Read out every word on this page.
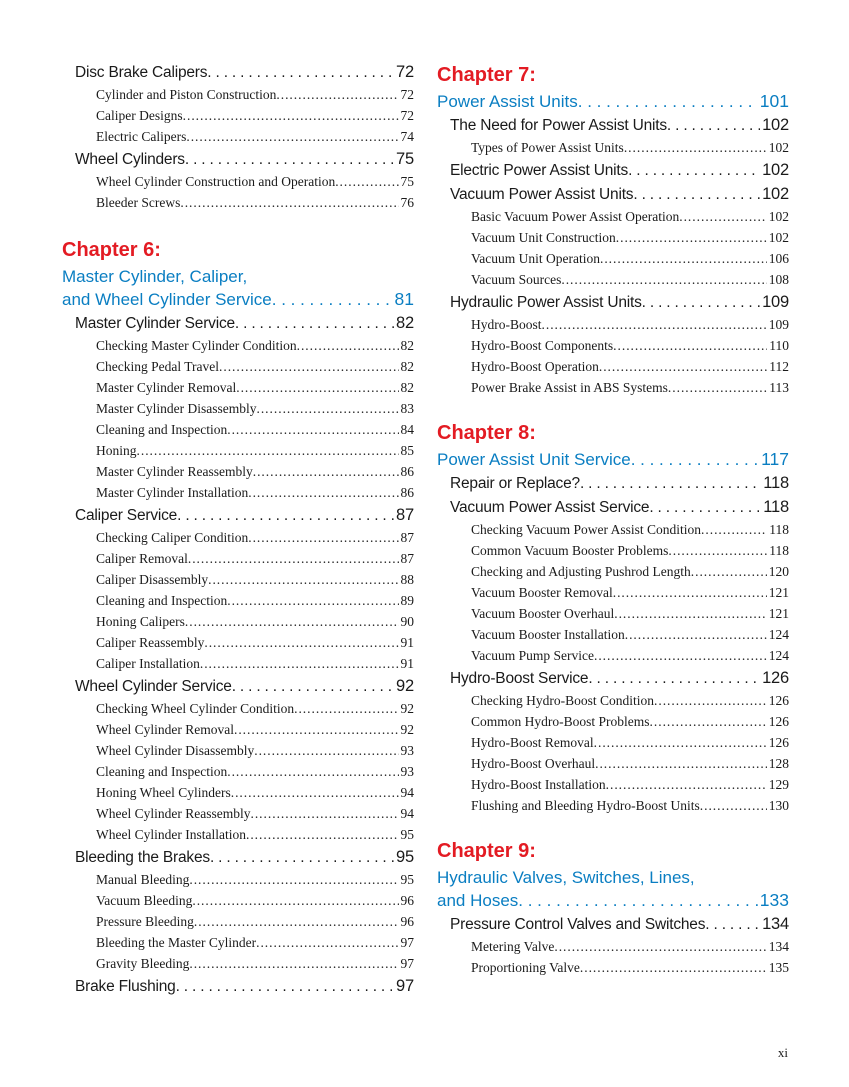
Disc Brake Calipers . . .	72
Cylinder and Piston Construction . . .	72
Caliper Designs . . .	72
Electric Calipers . . .	74
Wheel Cylinders . . .	75
Wheel Cylinder Construction and Operation . . .	75
Bleeder Screws . . .	76
Chapter 6:
Master Cylinder, Caliper,
and Wheel Cylinder Service . . .	81
Master Cylinder Service . . .	82
Checking Master Cylinder Condition . . .	82
Checking Pedal Travel . . .	82
Master Cylinder Removal . . .	82
Master Cylinder Disassembly . . .	83
Cleaning and Inspection . . .	84
Honing . . .	85
Master Cylinder Reassembly . . .	86
Master Cylinder Installation . . .	86
Caliper Service . . .	87
Checking Caliper Condition . . .	87
Caliper Removal . . .	87
Caliper Disassembly . . .	88
Cleaning and Inspection . . .	89
Honing Calipers . . .	90
Caliper Reassembly . . .	91
Caliper Installation . . .	91
Wheel Cylinder Service . . .	92
Checking Wheel Cylinder Condition . . .	92
Wheel Cylinder Removal . . .	92
Wheel Cylinder Disassembly . . .	93
Cleaning and Inspection . . .	93
Honing Wheel Cylinders . . .	94
Wheel Cylinder Reassembly . . .	94
Wheel Cylinder Installation . . .	95
Bleeding the Brakes . . .	95
Manual Bleeding . . .	95
Vacuum Bleeding . . .	96
Pressure Bleeding . . .	96
Bleeding the Master Cylinder . . .	97
Gravity Bleeding . . .	97
Brake Flushing . . .	97
Chapter 7:
Power Assist Units . . .	101
The Need for Power Assist Units . . .	102
Types of Power Assist Units . . .	102
Electric Power Assist Units . . .	102
Vacuum Power Assist Units . . .	102
Basic Vacuum Power Assist Operation . . .	102
Vacuum Unit Construction . . .	102
Vacuum Unit Operation . . .	106
Vacuum Sources . . .	108
Hydraulic Power Assist Units . . .	109
Hydro-Boost . . .	109
Hydro-Boost Components . . .	110
Hydro-Boost Operation . . .	112
Power Brake Assist in ABS Systems . . .	113
Chapter 8:
Power Assist Unit Service . . .	117
Repair or Replace? . . .	118
Vacuum Power Assist Service . . .	118
Checking Vacuum Power Assist Condition . . .	118
Common Vacuum Booster Problems . . .	118
Checking and Adjusting Pushrod Length . . .	120
Vacuum Booster Removal . . .	121
Vacuum Booster Overhaul . . .	121
Vacuum Booster Installation . . .	124
Vacuum Pump Service . . .	124
Hydro-Boost Service . . .	126
Checking Hydro-Boost Condition . . .	126
Common Hydro-Boost Problems . . .	126
Hydro-Boost Removal . . .	126
Hydro-Boost Overhaul . . .	128
Hydro-Boost Installation . . .	129
Flushing and Bleeding Hydro-Boost Units . . .	130
Chapter 9:
Hydraulic Valves, Switches, Lines,
and Hoses . . .	133
Pressure Control Valves and Switches . . .	134
Metering Valve . . .	134
Proportioning Valve . . .	135
xi
